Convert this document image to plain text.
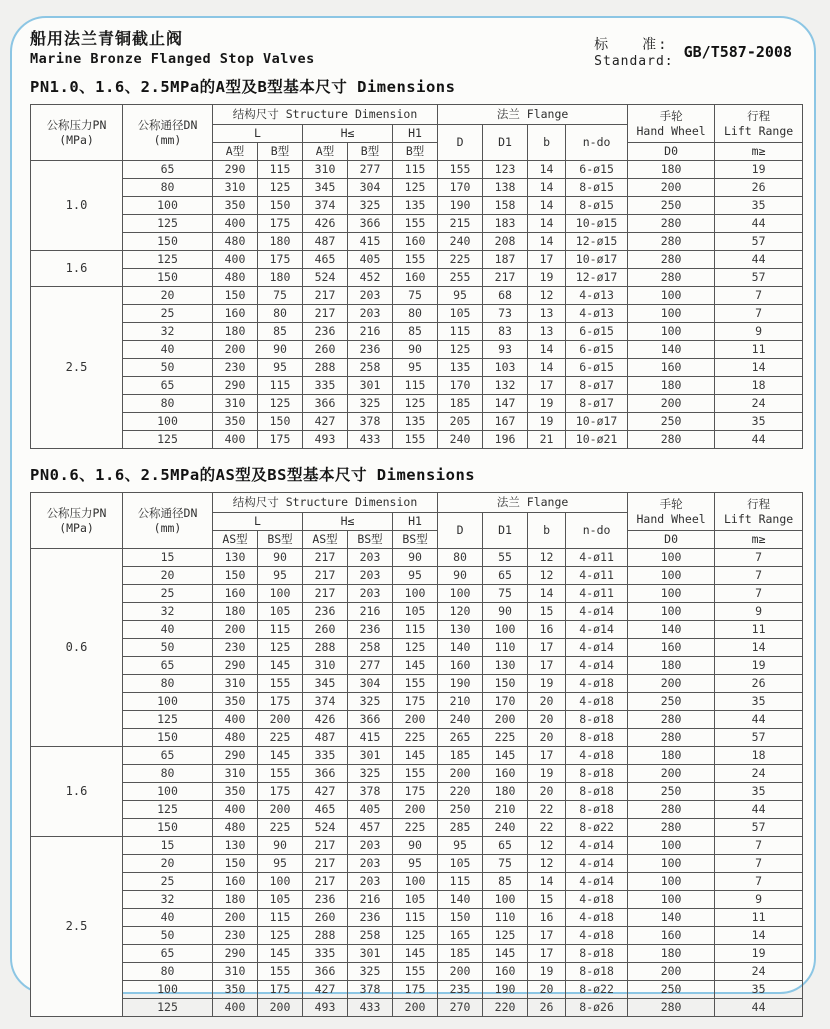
船用法兰青铜截止阀
Marine Bronze Flanged Stop Valves
标　　准:
Standard:
GB/T587-2008
PN1.0、1.6、2.5MPa的A型及B型基本尺寸 Dimensions
公称压力PN
(MPa)

公称通径DN
(mm)
	结构尺寸 Structure Dimension	法兰 Flange	手轮
Hand Wheel

行程
Lift Range

		L		H≤		H1	D	D1	b	n-do		
		A型	B型	A型	B型	B型					D0	m≥
1.0	65	290	115	310	277	115	155	123	14	6-ø15	180	19
	80	310	125	345	304	125	170	138	14	8-ø15	200	26
	100	350	150	374	325	135	190	158	14	8-ø15	250	35
	125	400	175	426	366	155	215	183	14	10-ø15	280	44
	150	480	180	487	415	160	240	208	14	12-ø15	280	57
1.6	125	400	175	465	405	155	225	187	17	10-ø17	280	44
	150	480	180	524	452	160	255	217	19	12-ø17	280	57
2.5	20	150	75	217	203	75	95	68	12	4-ø13	100	7
	25	160	80	217	203	80	105	73	13	4-ø13	100	7
	32	180	85	236	216	85	115	83	13	6-ø15	100	9
	40	200	90	260	236	90	125	93	14	6-ø15	140	11
	50	230	95	288	258	95	135	103	14	6-ø15	160	14
	65	290	115	335	301	115	170	132	17	8-ø17	180	18
	80	310	125	366	325	125	185	147	19	8-ø17	200	24
	100	350	150	427	378	135	205	167	19	10-ø17	250	35
	125	400	175	493	433	155	240	196	21	10-ø21	280	44
PN0.6、1.6、2.5MPa的AS型及BS型基本尺寸 Dimensions
公称压力PN
(MPa)

公称通径DN
(mm)
	结构尺寸 Structure Dimension	法兰 Flange	手轮
Hand Wheel

行程
Lift Range

		L		H≤		H1	D	D1	b	n-do		
		AS型	BS型	AS型	BS型	BS型					D0	m≥
0.6	15	130	90	217	203	90	80	55	12	4-ø11	100	7
	20	150	95	217	203	95	90	65	12	4-ø11	100	7
	25	160	100	217	203	100	100	75	14	4-ø11	100	7
	32	180	105	236	216	105	120	90	15	4-ø14	100	9
	40	200	115	260	236	115	130	100	16	4-ø14	140	11
	50	230	125	288	258	125	140	110	17	4-ø14	160	14
	65	290	145	310	277	145	160	130	17	4-ø14	180	19
	80	310	155	345	304	155	190	150	19	4-ø18	200	26
	100	350	175	374	325	175	210	170	20	4-ø18	250	35
	125	400	200	426	366	200	240	200	20	8-ø18	280	44
	150	480	225	487	415	225	265	225	20	8-ø18	280	57
1.6	65	290	145	335	301	145	185	145	17	4-ø18	180	18
	80	310	155	366	325	155	200	160	19	8-ø18	200	24
	100	350	175	427	378	175	220	180	20	8-ø18	250	35
	125	400	200	465	405	200	250	210	22	8-ø18	280	44
	150	480	225	524	457	225	285	240	22	8-ø22	280	57
2.5	15	130	90	217	203	90	95	65	12	4-ø14	100	7
	20	150	95	217	203	95	105	75	12	4-ø14	100	7
	25	160	100	217	203	100	115	85	14	4-ø14	100	7
	32	180	105	236	216	105	140	100	15	4-ø18	100	9
	40	200	115	260	236	115	150	110	16	4-ø18	140	11
	50	230	125	288	258	125	165	125	17	4-ø18	160	14
	65	290	145	335	301	145	185	145	17	8-ø18	180	19
	80	310	155	366	325	155	200	160	19	8-ø18	200	24
	100	350	175	427	378	175	235	190	20	8-ø22	250	35
	125	400	200	493	433	200	270	220	26	8-ø26	280	44
